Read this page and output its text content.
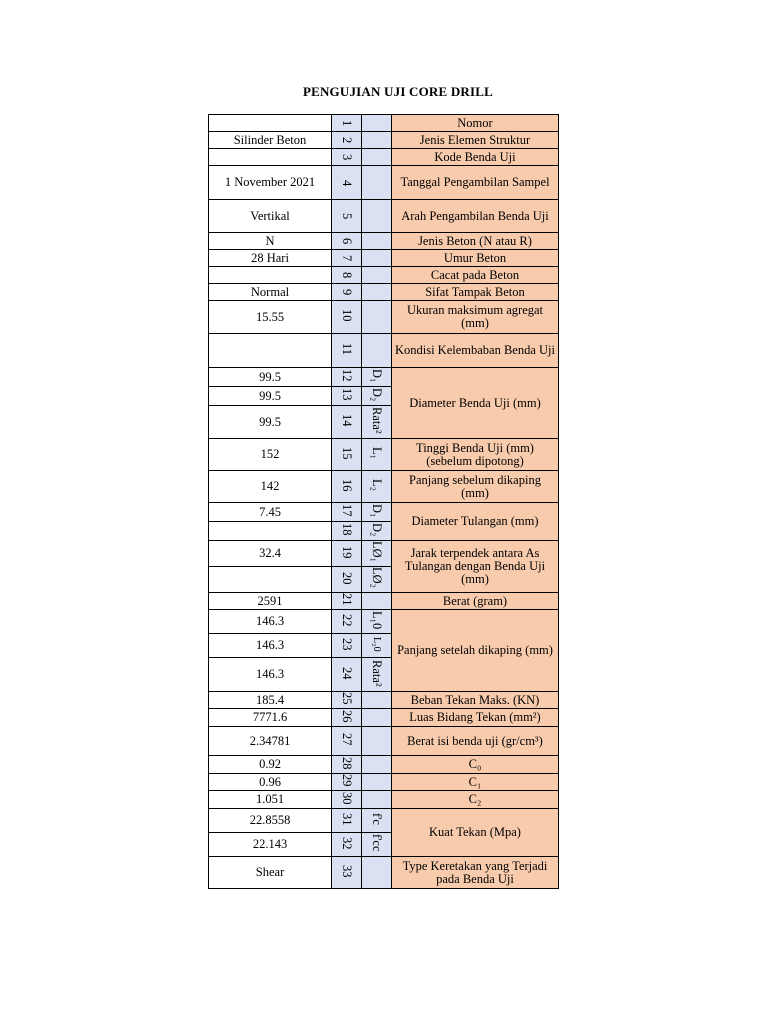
PENGUJIAN UJI CORE DRILL
	1		Nomor
Silinder Beton	2		Jenis Elemen Struktur
	3		Kode Benda Uji
1 November 2021	4		Tanggal Pengambilan Sampel
Vertikal	5		Arah Pengambilan Benda Uji
N	6		Jenis Beton (N atau R)
28 Hari	7		Umur Beton
	8		Cacat pada Beton
Normal	9		Sifat Tampak Beton
15.55	10		Ukuran maksimum agregat (mm)
	11		Kondisi Kelembaban Benda Uji
99.5	12	D₁	Diameter Benda Uji (mm)
99.5	13	D₂	
99.5	14	Rata²	
152	15	L₁	Tinggi Benda Uji (mm) (sebelum dipotong)
142	16	L₂	Panjang sebelum dikaping (mm)
7.45	17	D₁	Diameter Tulangan (mm)
	18	D₂	
32.4	19	LØ₁	Jarak terpendek antara As Tulangan dengan Benda Uji (mm)
	20	LØ₂	
2591	21		Berat (gram)
146.3	22	L₁0	Panjang setelah dikaping (mm)
146.3	23	L₂0	
146.3	24	Rata²	
185.4	25		Beban Tekan Maks. (KN)
7771.6	26		Luas Bidang Tekan (mm²)
2.34781	27		Berat isi benda uji (gr/cm³)
0.92	28		C₀
0.96	29		C₁
1.051	30		C₂
22.8558	31	f'c	Kuat Tekan (Mpa)
22.143	32	f'cc	
Shear	33		Type Keretakan yang Terjadi pada Benda Uji
